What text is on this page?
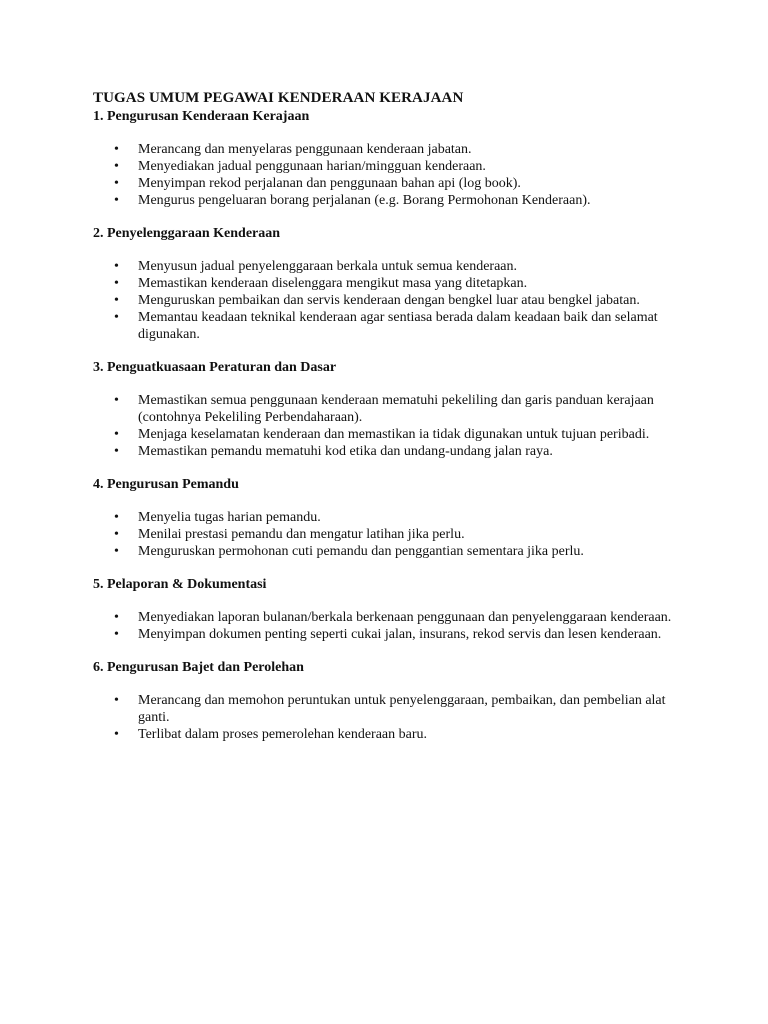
TUGAS UMUM PEGAWAI KENDERAAN KERAJAAN
1. Pengurusan Kenderaan Kerajaan
• Merancang dan menyelaras penggunaan kenderaan jabatan.
• Menyediakan jadual penggunaan harian/mingguan kenderaan.
• Menyimpan rekod perjalanan dan penggunaan bahan api (log book).
• Mengurus pengeluaran borang perjalanan (e.g. Borang Permohonan Kenderaan).
2. Penyelenggaraan Kenderaan
• Menyusun jadual penyelenggaraan berkala untuk semua kenderaan.
• Memastikan kenderaan diselenggara mengikut masa yang ditetapkan.
• Menguruskan pembaikan dan servis kenderaan dengan bengkel luar atau bengkel jabatan.
• Memantau keadaan teknikal kenderaan agar sentiasa berada dalam keadaan baik dan selamat digunakan.
3. Penguatkuasaan Peraturan dan Dasar
• Memastikan semua penggunaan kenderaan mematuhi pekeliling dan garis panduan kerajaan (contohnya Pekeliling Perbendaharaan).
• Menjaga keselamatan kenderaan dan memastikan ia tidak digunakan untuk tujuan peribadi.
• Memastikan pemandu mematuhi kod etika dan undang-undang jalan raya.
4. Pengurusan Pemandu
• Menyelia tugas harian pemandu.
• Menilai prestasi pemandu dan mengatur latihan jika perlu.
• Menguruskan permohonan cuti pemandu dan penggantian sementara jika perlu.
5. Pelaporan & Dokumentasi
• Menyediakan laporan bulanan/berkala berkenaan penggunaan dan penyelenggaraan kenderaan.
• Menyimpan dokumen penting seperti cukai jalan, insurans, rekod servis dan lesen kenderaan.
6. Pengurusan Bajet dan Perolehan
• Merancang dan memohon peruntukan untuk penyelenggaraan, pembaikan, dan pembelian alat ganti.
• Terlibat dalam proses pemerolehan kenderaan baru.
